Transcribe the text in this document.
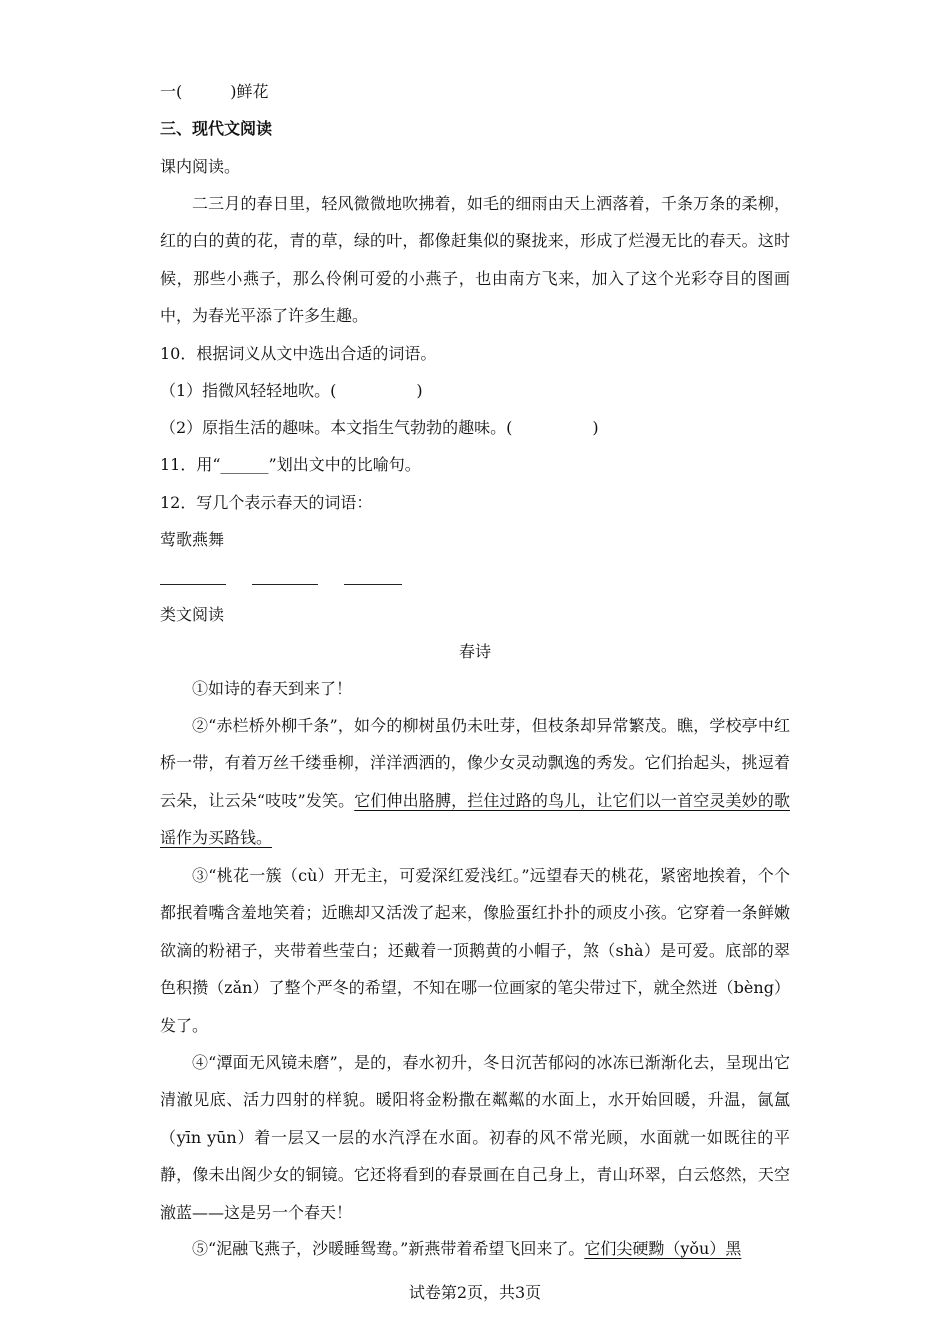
一(　　　)鲜花
三、现代文阅读
课内阅读。

二三月的春日里，轻风微微地吹拂着，如毛的细雨由天上洒落着，千条万条的柔柳，红的白的黄的花，青的草，绿的叶，都像赶集似的聚拢来，形成了烂漫无比的春天。这时候，那些小燕子，那么伶俐可爱的小燕子，也由南方飞来，加入了这个光彩夺目的图画中，为春光平添了许多生趣。

10．根据词义从文中选出合适的词语。
（1）指微风轻轻地吹。(　　　　　)
（2）原指生活的趣味。本文指生气勃勃的趣味。(　　　　　)
11．用“______”划出文中的比喻句。
12．写几个表示春天的词语：
莺歌燕舞
类文阅读
春诗

①如诗的春天到来了！

②“赤栏桥外柳千条”，如今的柳树虽仍未吐芽，但枝条却异常繁茂。瞧，学校亭中红桥一带，有着万丝千缕垂柳，洋洋洒洒的，像少女灵动飘逸的秀发。它们抬起头，挑逗着云朵，让云朵“吱吱”发笑。它们伸出胳膊，拦住过路的鸟儿，让它们以一首空灵美妙的歌谣作为买路钱。

③“桃花一簇（cù）开无主，可爱深红爱浅红。”远望春天的桃花，紧密地挨着，个个都抿着嘴含羞地笑着；近瞧却又活泼了起来，像脸蛋红扑扑的顽皮小孩。它穿着一条鲜嫩欲滴的粉裙子，夹带着些莹白；还戴着一顶鹅黄的小帽子，煞（shà）是可爱。底部的翠色积攒（zǎn）了整个严冬的希望，不知在哪一位画家的笔尖带过下，就全然迸（bèng）发了。

④“潭面无风镜未磨”，是的，春水初升，冬日沉苦郁闷的冰冻已渐渐化去，呈现出它清澈见底、活力四射的样貌。暖阳将金粉撒在粼粼的水面上，水开始回暖，升温，氤氲（yīn yūn）着一层又一层的水汽浮在水面。初春的风不常光顾，水面就一如既往的平静，像未出阁少女的铜镜。它还将看到的春景画在自己身上，青山环翠，白云悠然，天空澈蓝——这是另一个春天！

⑤“泥融飞燕子，沙暖睡鸳鸯。”新燕带着希望飞回来了。它们尖硬黝（yǒu）黑

试卷第2页，共3页
